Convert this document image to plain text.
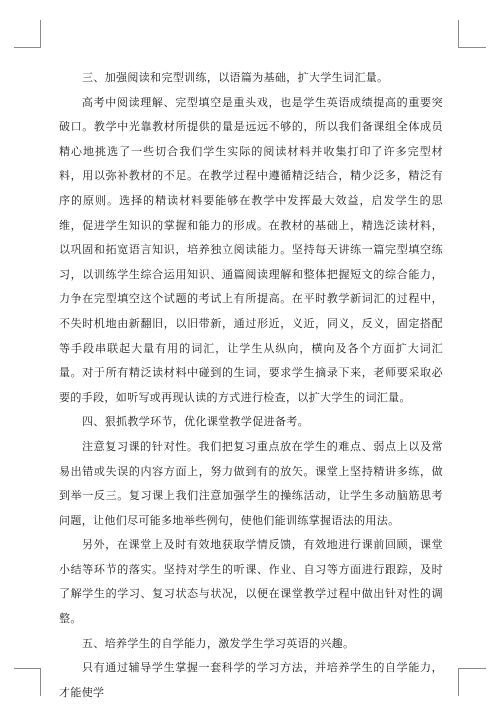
三、加强阅读和完型训练，以语篇为基础，扩大学生词汇量。

高考中阅读理解、完型填空是重头戏，也是学生英语成绩提高的重要突破口。教学中光靠教材所提供的量是远远不够的，所以我们备课组全体成员精心地挑选了一些切合我们学生实际的阅读材料并收集打印了许多完型材料，用以弥补教材的不足。在教学过程中遵循精泛结合，精少泛多，精泛有序的原则。选择的精读材料要能够在教学中发挥最大效益，启发学生的思维，促进学生知识的掌握和能力的形成。在教材的基础上，精选泛读材料，以巩固和拓宽语言知识，培养独立阅读能力。坚持每天讲练一篇完型填空练习，以训练学生综合运用知识、通篇阅读理解和整体把握短文的综合能力，力争在完型填空这个试题的考试上有所提高。在平时教学新词汇的过程中，不失时机地由新翻旧，以旧带新，通过形近，义近，同义，反义，固定搭配等手段串联起大量有用的词汇，让学生从纵向，横向及各个方面扩大词汇量。对于所有精泛读材料中碰到的生词，要求学生摘录下来，老师要采取必要的手段，如听写或再现认读的方式进行检查，以扩大学生的词汇量。

四、狠抓教学环节，优化课堂教学促进备考。

注意复习课的针对性。我们把复习重点放在学生的难点、弱点上以及常易出错或失误的内容方面上，努力做到有的放矢。课堂上坚持精讲多练，做到举一反三。复习课上我们注意加强学生的操练活动，让学生多动脑筋思考问题，让他们尽可能多地举些例句，使他们能训练掌握语法的用法。

另外，在课堂上及时有效地获取学情反馈，有效地进行课前回顾，课堂小结等环节的落实。坚持对学生的听课、作业、自习等方面进行跟踪，及时了解学生的学习、复习状态与状况，以便在课堂教学过程中做出针对性的调整。

五、培养学生的自学能力，激发学生学习英语的兴趣。

只有通过辅导学生掌握一套科学的学习方法，并培养学生的自学能力，才能使学
